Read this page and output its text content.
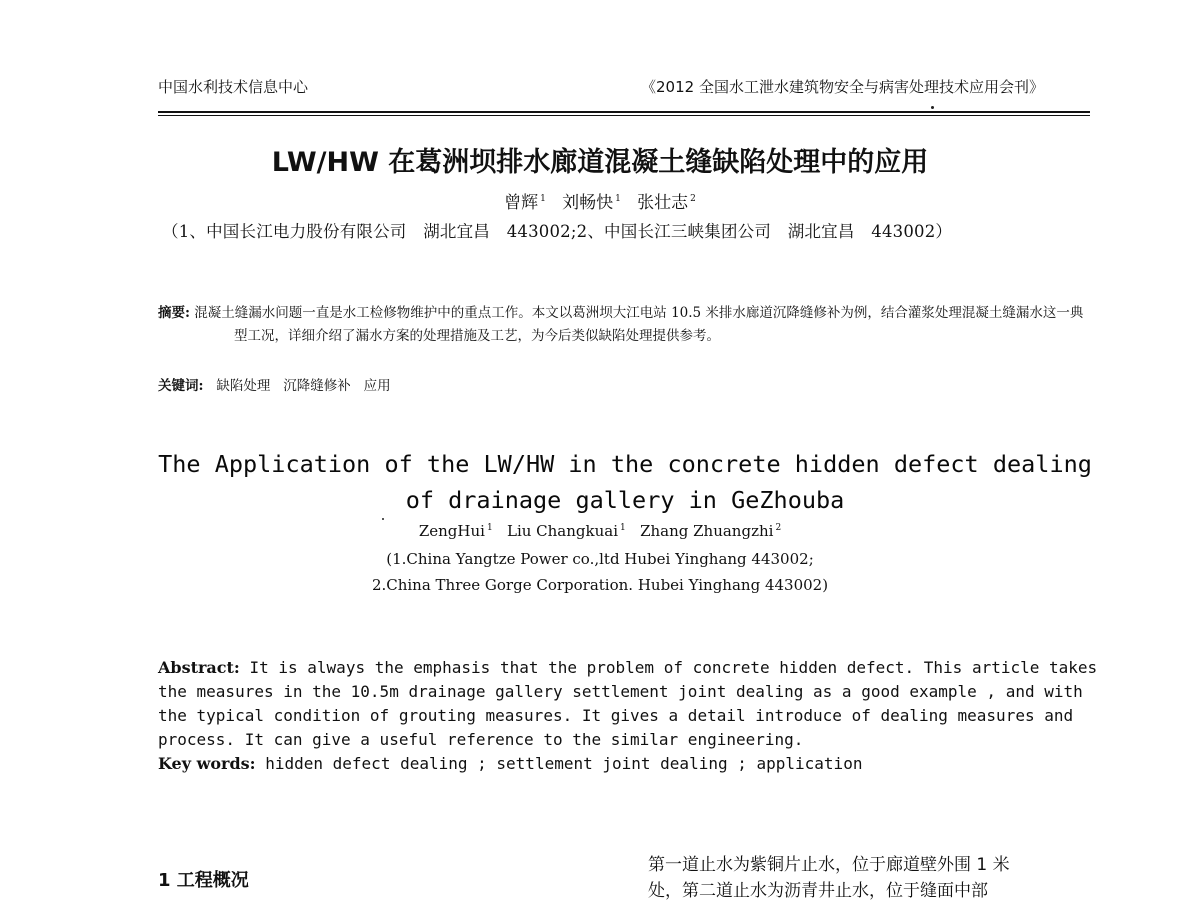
中国水利技术信息中心	《2012 全国水工泄水建筑物安全与病害处理技术应用会刊》
LW/HW 在葛洲坝排水廊道混凝土缝缺陷处理中的应用
曾辉 $^1$ 刘畅快 $^1$ 张壮志 $^2$
（1、中国长江电力股份有限公司　湖北宜昌　443002;2、中国长江三峡集团公司　湖北宜昌　443002）
摘要: 混凝土缝漏水问题一直是水工检修物维护中的重点工作。本文以葛洲坝大江电站 10.5 米排水廊道沉降缝修补为例，结合灌浆处理混凝土缝漏水这一典型工况，详细介绍了漏水方案的处理措施及工艺，为今后类似缺陷处理提供参考。
关键词: 缺陷处理 沉降缝修补 应用
The Application of the LW/HW in the concrete hidden defect dealing of drainage gallery in GeZhouba
ZengHui $^1$ Liu Changkuai $^1$ Zhang Zhuangzhi $^2$
(1.China Yangtze Power co.,ltd Hubei Yinghang 443002;
2.China Three Gorge Corporation. Hubei Yinghang 443002)
Abstract: It is always the emphasis that the problem of concrete hidden defect. This article takes the measures in the 10.5m drainage gallery settlement joint dealing as a good example , and with the typical condition of grouting measures. It gives a detail introduce of dealing measures and process. It can give a useful reference to the similar engineering.
Key words: hidden defect dealing ; settlement joint dealing ; application
第一道止水为紫铜片止水，位于廊道壁外围 1 米
处，第二道止水为沥青井止水，位于缝面中部
1 工程概况
